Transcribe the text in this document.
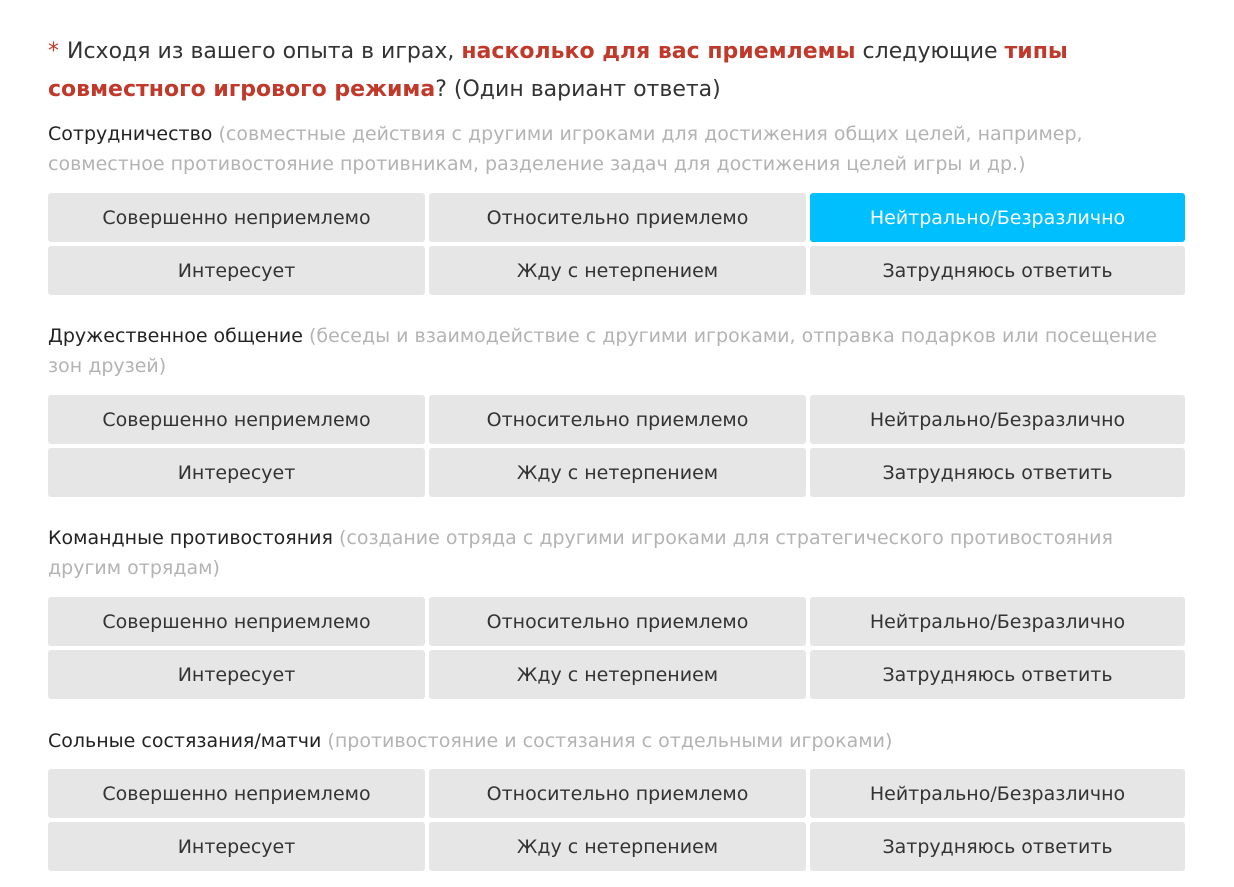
* Исходя из вашего опыта в играх, насколько для вас приемлемы следующие типы совместного игрового режима? (Один вариант ответа)

Сотрудничество (совместные действия с другими игроками для достижения общих целей, например, совместное противостояние противникам, разделение задач для достижения целей игры и др.)

Совершенно неприемлемо	Относительно приемлемо	Нейтрально/Безразлично
Интересует	Жду с нетерпением	Затрудняюсь ответить

Дружественное общение (беседы и взаимодействие с другими игроками, отправка подарков или посещение зон друзей)

Совершенно неприемлемо	Относительно приемлемо	Нейтрально/Безразлично
Интересует	Жду с нетерпением	Затрудняюсь ответить

Командные противостояния (создание отряда с другими игроками для стратегического противостояния другим отрядам)

Совершенно неприемлемо	Относительно приемлемо	Нейтрально/Безразлично
Интересует	Жду с нетерпением	Затрудняюсь ответить

Сольные состязания/матчи (противостояние и состязания с отдельными игроками)

Совершенно неприемлемо	Относительно приемлемо	Нейтрально/Безразлично
Интересует	Жду с нетерпением	Затрудняюсь ответить
